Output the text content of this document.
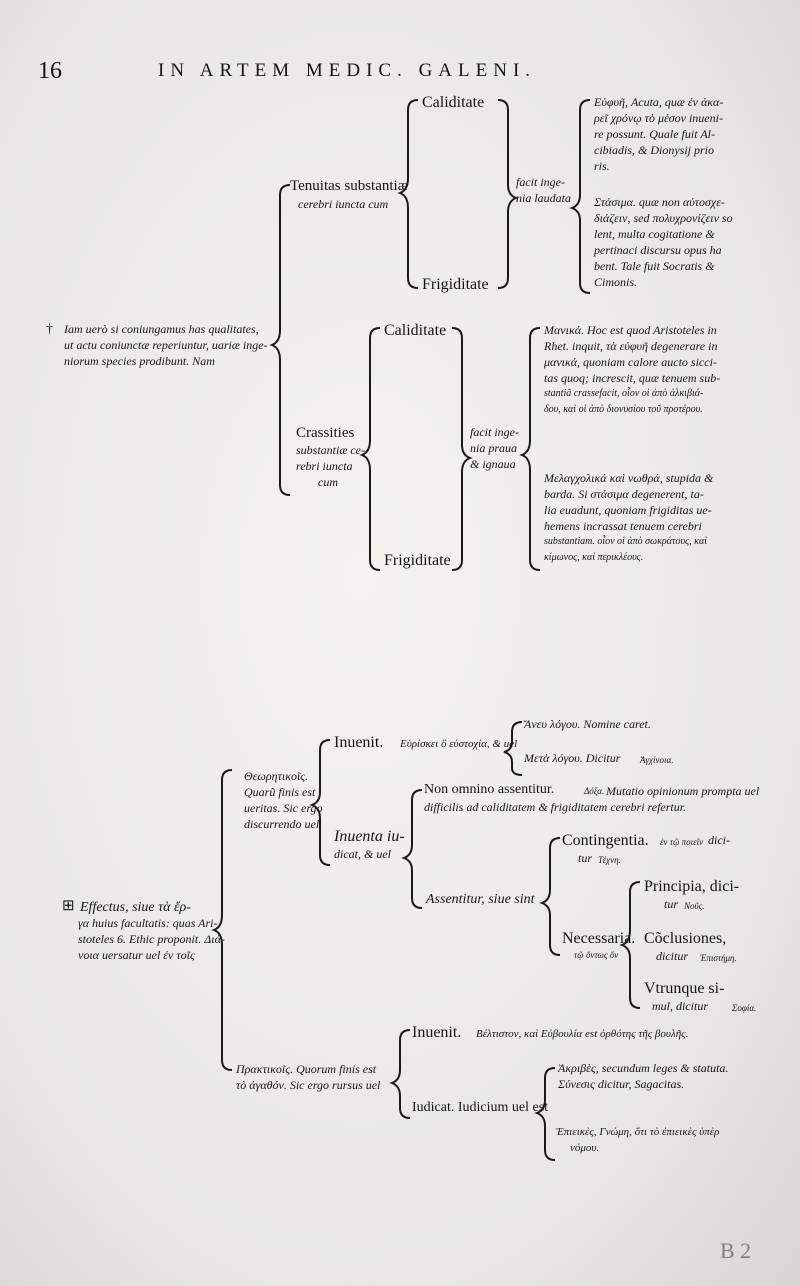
16	IN ARTEM MEDIC. GALENI.
† Iam uerò si coniungamus has qualitates,
ut actu coniunctæ reperiuntur, uariæ inge-
niorum species prodibunt. Nam
Tenuitas substantiæ
cerebri iuncta cum
Caliditate
Frigiditate
facit inge-
nia laudata
Εὐφυῆ, Acuta, quæ ἐν ἀκα-
ρεῖ χρόνῳ τὸ μέσον inueni-
re possunt. Quale fuit Al-
cibiadis, & Dionysij prio
ris.
Στάσιμα. quæ non αὐτοσχε-
διάζειν, sed πολυχρονίζειν so
lent, multa cogitatione &
pertinaci discursu opus ha
bent. Tale fuit Socratis &
Cimonis.
Crassities
substantiæ ce-
rebri iuncta
cum
Caliditate
Frigiditate
facit inge-
nia praua
& ignaua
Μανικά. Hoc est quod Aristoteles in
Rhet. inquit, τὰ εὐφυῆ degenerare in
μανικά, quoniam calore aucto sicci-
tas quoq; increscit, quæ tenuem sub-
stantiã crassefacit, οἷον οἱ ἀπὸ ἀλκιβιά-
δου, καὶ οἱ ἀπὸ διονυσίου τοῦ προτέρου.
Μελαγχολικά καὶ νωθρά, stupida &
barda. Si στάσιμα degenerent, ta-
lia euadunt, quoniam frigiditas ue-
hemens incrassat tenuem cerebri
substantiam. οἷον οἱ ἀπὸ σωκράτους, καὶ
κίμωνος, καὶ περικλέους.
⊞ Effectus, siue τὰ ἔρ-
γα huius facultatis: quas Ari-
stoteles 6. Ethic proponit. Διά-
νοια uersatur uel ἐν τοῖς
Θεωρητικοῖς.
Quarũ finis est
ueritas. Sic ergo
discurrendo uel
Inuenit. Εὑρίσκει ὃ εὐστοχία, & uel
Ἄνευ λόγου. Nomine caret.
Μετὰ λόγου. Dicitur Ἀγχίνοια.
Inuenta iu-
dicat, & uel
Non omnino assentitur.	Δόξα. Mutatio opinionum prompta uel
difficilis ad caliditatem & frigiditatem cerebri refertur.
Assentitur, siue sint
Contingentia. ἐν τῷ ποιεῖν dici-
tur Τέχνη.
Necessaria.
τῷ ὄντως ὄν
Principia, dici-
tur Νοῦς.
Cõclusiones,
dicitur Ἐπιστήμη.
Vtrunque si-
mul, dicitur	Σοφία.
Πρακτικοῖς. Quorum finis est
τὸ ἀγαθόν. Sic ergo rursus uel
Inuenit. Βέλτιστον, καὶ Εὐβουλία est ὀρθότης τῆς βουλῆς.
Iudicat. Iudicium uel est
Ἀκριβὲς, secundum leges & statuta.
Σύνεσις dicitur, Sagacitas.
Ἐπιεικὲς, Γνώμη, ὅτι τὸ ἐπιεικὲς ὑπὲρ
νόμου.
B 2
